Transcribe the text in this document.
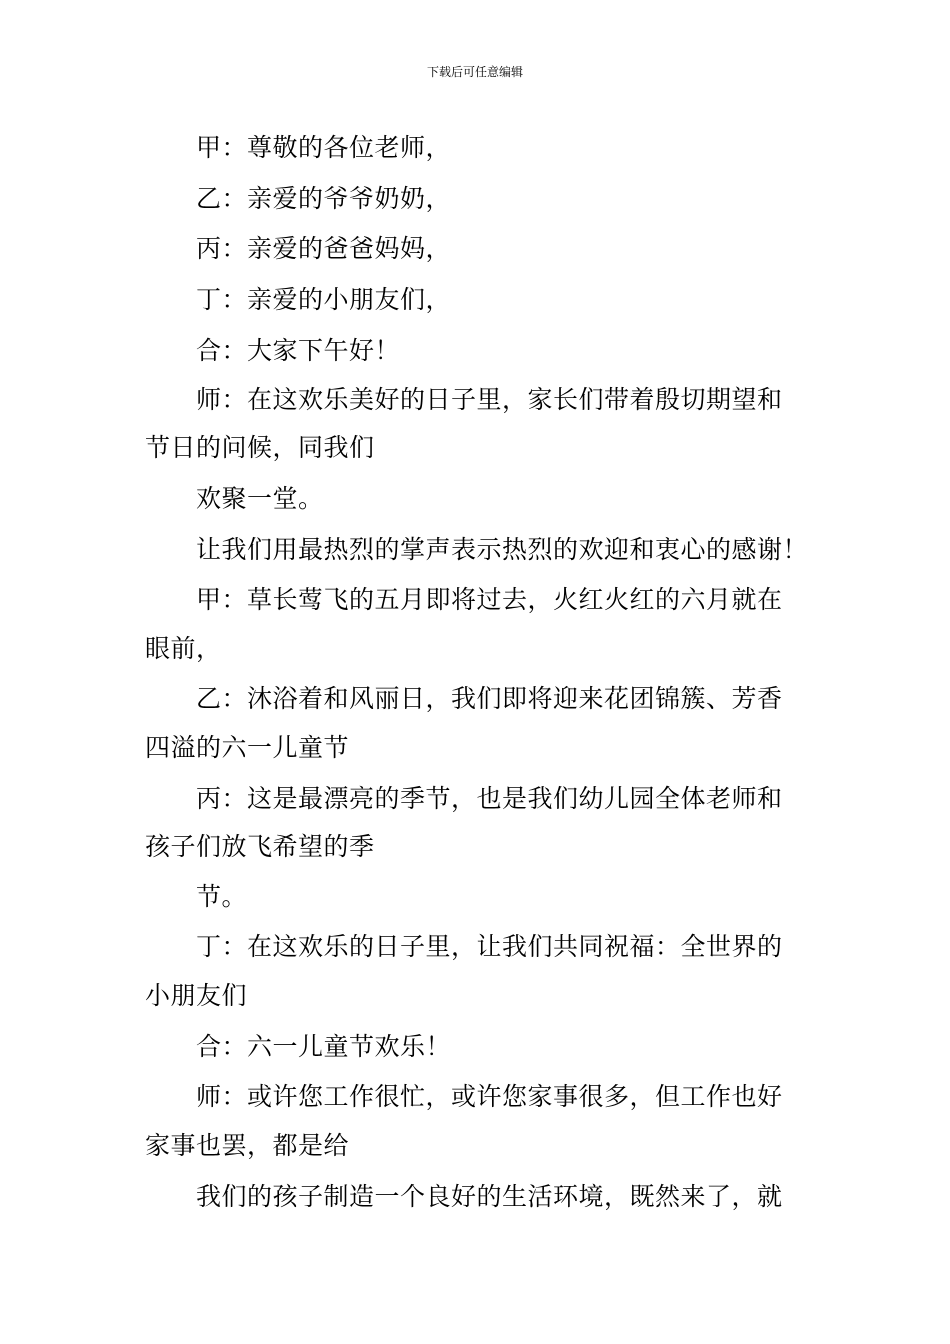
下载后可任意编辑
甲：尊敬的各位老师，
乙：亲爱的爷爷奶奶，
丙：亲爱的爸爸妈妈，
丁：亲爱的小朋友们，
合：大家下午好！
师：在这欢乐美好的日子里，家长们带着殷切期望和
节日的问候，同我们
欢聚一堂。
让我们用最热烈的掌声表示热烈的欢迎和衷心的感谢！
甲：草长莺飞的五月即将过去，火红火红的六月就在
眼前，
乙：沐浴着和风丽日，我们即将迎来花团锦簇、芳香
四溢的六一儿童节
丙：这是最漂亮的季节，也是我们幼儿园全体老师和
孩子们放飞希望的季
节。
丁：在这欢乐的日子里，让我们共同祝福：全世界的
小朋友们
合：六一儿童节欢乐！
师：或许您工作很忙，或许您家事很多，但工作也好
家事也罢，都是给
我们的孩子制造一个良好的生活环境，既然来了，就
